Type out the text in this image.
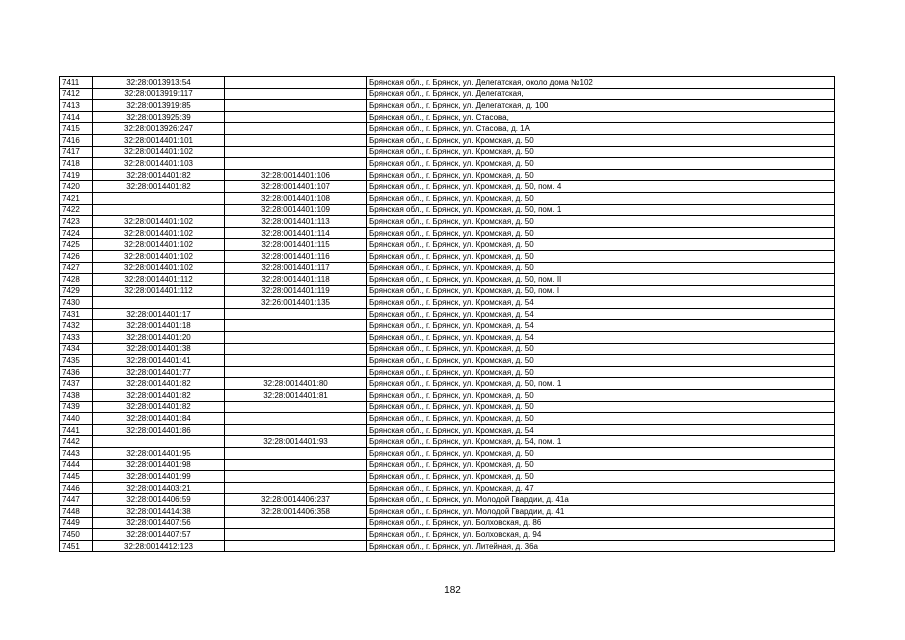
7411	32:28:0013913:54		Брянская обл., г. Брянск, ул. Делегатская, около дома №102
7412	32:28:0013919:117		Брянская обл., г. Брянск, ул. Делегатская,
7413	32:28:0013919:85		Брянская обл., г. Брянск, ул. Делегатская, д. 100
7414	32:28:0013925:39		Брянская обл., г. Брянск, ул. Стасова,
7415	32:28:0013926:247		Брянская обл., г. Брянск, ул. Стасова, д. 1А
7416	32:28:0014401:101		Брянская обл., г. Брянск, ул. Кромская, д. 50
7417	32:28:0014401:102		Брянская обл., г. Брянск, ул. Кромская, д. 50
7418	32:28:0014401:103		Брянская обл., г. Брянск, ул. Кромская, д. 50
7419	32:28:0014401:82	32:28:0014401:106	Брянская обл., г. Брянск, ул. Кромская, д. 50
7420	32:28:0014401:82	32:28:0014401:107	Брянская обл., г. Брянск, ул. Кромская, д. 50, пом. 4
7421		32:28:0014401:108	Брянская обл., г. Брянск, ул. Кромская, д. 50
7422		32:28:0014401:109	Брянская обл., г. Брянск, ул. Кромская, д. 50, пом. 1
7423	32:28:0014401:102	32:28:0014401:113	Брянская обл., г. Брянск, ул. Кромская, д. 50
7424	32:28:0014401:102	32:28:0014401:114	Брянская обл., г. Брянск, ул. Кромская, д. 50
7425	32:28:0014401:102	32:28:0014401:115	Брянская обл., г. Брянск, ул. Кромская, д. 50
7426	32:28:0014401:102	32:28:0014401:116	Брянская обл., г. Брянск, ул. Кромская, д. 50
7427	32:28:0014401:102	32:28:0014401:117	Брянская обл., г. Брянск, ул. Кромская, д. 50
7428	32:28:0014401:112	32:28:0014401:118	Брянская обл., г. Брянск, ул. Кромская, д. 50, пом. II
7429	32:28:0014401:112	32:28:0014401:119	Брянская обл., г. Брянск, ул. Кромская, д. 50, пом. I
7430		32:26:0014401:135	Брянская обл., г. Брянск, ул. Кромская, д. 54
7431	32:28:0014401:17		Брянская обл., г. Брянск, ул. Кромская, д. 54
7432	32:28:0014401:18		Брянская обл., г. Брянск, ул. Кромская, д. 54
7433	32:28:0014401:20		Брянская обл., г. Брянск, ул. Кромская, д. 54
7434	32:28:0014401:38		Брянская обл., г. Брянск, ул. Кромская, д. 50
7435	32:28:0014401:41		Брянская обл., г. Брянск, ул. Кромская, д. 50
7436	32:28:0014401:77		Брянская обл., г. Брянск, ул. Кромская, д. 50
7437	32:28:0014401:82	32:28:0014401:80	Брянская обл., г. Брянск, ул. Кромская, д. 50, пом. 1
7438	32:28:0014401:82	32:28:0014401:81	Брянская обл., г. Брянск, ул. Кромская, д. 50
7439	32:28:0014401:82		Брянская обл., г. Брянск, ул. Кромская, д. 50
7440	32:28:0014401:84		Брянская обл., г. Брянск, ул. Кромская, д. 50
7441	32:28:0014401:86		Брянская обл., г. Брянск, ул. Кромская, д. 54
7442		32:28:0014401:93	Брянская обл., г. Брянск, ул. Кромская, д. 54, пом. 1
7443	32:28:0014401:95		Брянская обл., г. Брянск, ул. Кромская, д. 50
7444	32:28:0014401:98		Брянская обл., г. Брянск, ул. Кромская, д. 50
7445	32:28:0014401:99		Брянская обл., г. Брянск, ул. Кромская, д. 50
7446	32:28:0014403:21		Брянская обл., г. Брянск, ул. Кромская, д. 47
7447	32:28:0014406:59	32:28:0014406:237	Брянская обл., г. Брянск, ул. Молодой Гвардии, д. 41а
7448	32:28:0014414:38	32:28:0014406:358	Брянская обл., г. Брянск, ул. Молодой Гвардии, д. 41
7449	32:28:0014407:56		Брянская обл., г. Брянск, ул. Болховская, д. 86
7450	32:28:0014407:57		Брянская обл., г. Брянск, ул. Болховская, д. 94
7451	32:28:0014412:123		Брянская обл., г. Брянск, ул. Литейная, д. 36а
182
